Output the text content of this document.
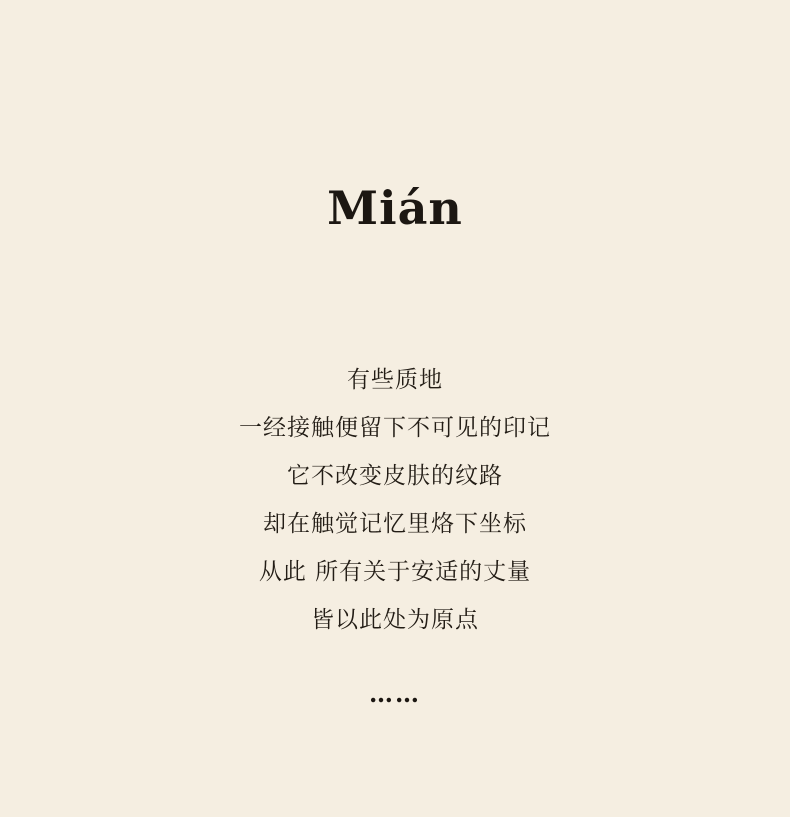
Mián
有些质地
一经接触便留下不可见的印记
它不改变皮肤的纹路
却在触觉记忆里烙下坐标
从此 所有关于安适的丈量
皆以此处为原点
……
